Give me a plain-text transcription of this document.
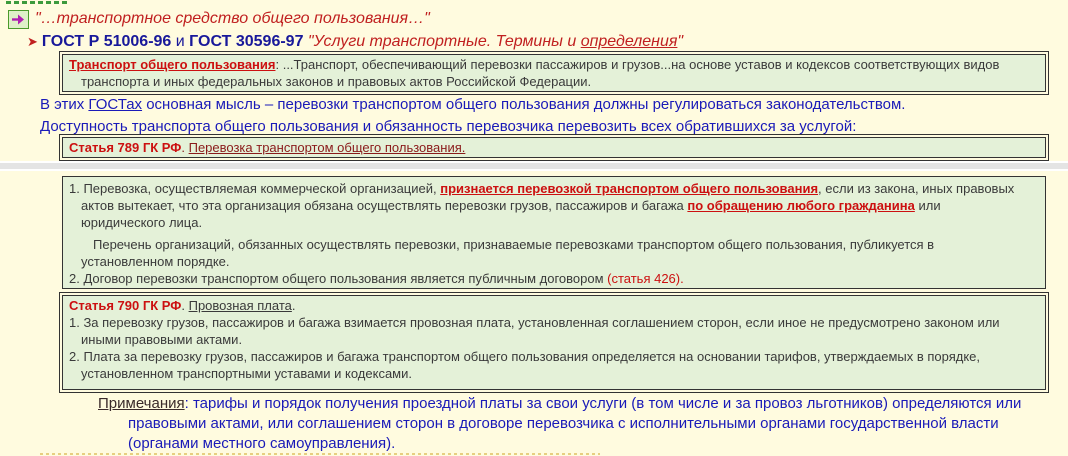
"…транспортное средство общего пользования…"
➤ ГОСТ Р 51006-96
и
ГОСТ 30596-97
"Услуги транспортные. Термины и определения"
Транспорт общего пользования: ...Транспорт, обеспечивающий перевозки пассажиров и грузов...на основе уставов и кодексов соответствующих видов
транспорта и иных федеральных законов и правовых актов Российской Федерации.
В этих ГОСТах основная мысль – перевозки транспортом общего пользования должны регулироваться законодательством.
Доступность транспорта общего пользования и обязанность перевозчика перевозить всех обратившихся за услугой:
Статья 789 ГК РФ. Перевозка транспортом общего пользования.
1. Перевозка, осуществляемая коммерческой организацией, признается перевозкой транспортом общего пользования, если из закона, иных правовых
актов вытекает, что эта организация обязана осуществлять перевозки грузов, пассажиров и багажа по обращению любого гражданина или
юридического лица.
Перечень организаций, обязанных осуществлять перевозки, признаваемые перевозками транспортом общего пользования, публикуется в
установленном порядке.
2. Договор перевозки транспортом общего пользования является публичным договором (статья 426).
Статья 790 ГК РФ. Провозная плата.
1. За перевозку грузов, пассажиров и багажа взимается провозная плата, установленная соглашением сторон, если иное не предусмотрено законом или
иными правовыми актами.
2. Плата за перевозку грузов, пассажиров и багажа транспортом общего пользования определяется на основании тарифов, утверждаемых в порядке,
установленном транспортными уставами и кодексами.
Примечания: тарифы и порядок получения проездной платы за свои услуги (в том числе и за провоз льготников) определяются или
правовыми актами, или соглашением сторон в договоре перевозчика с исполнительными органами государственной власти
(органами местного самоуправления).
